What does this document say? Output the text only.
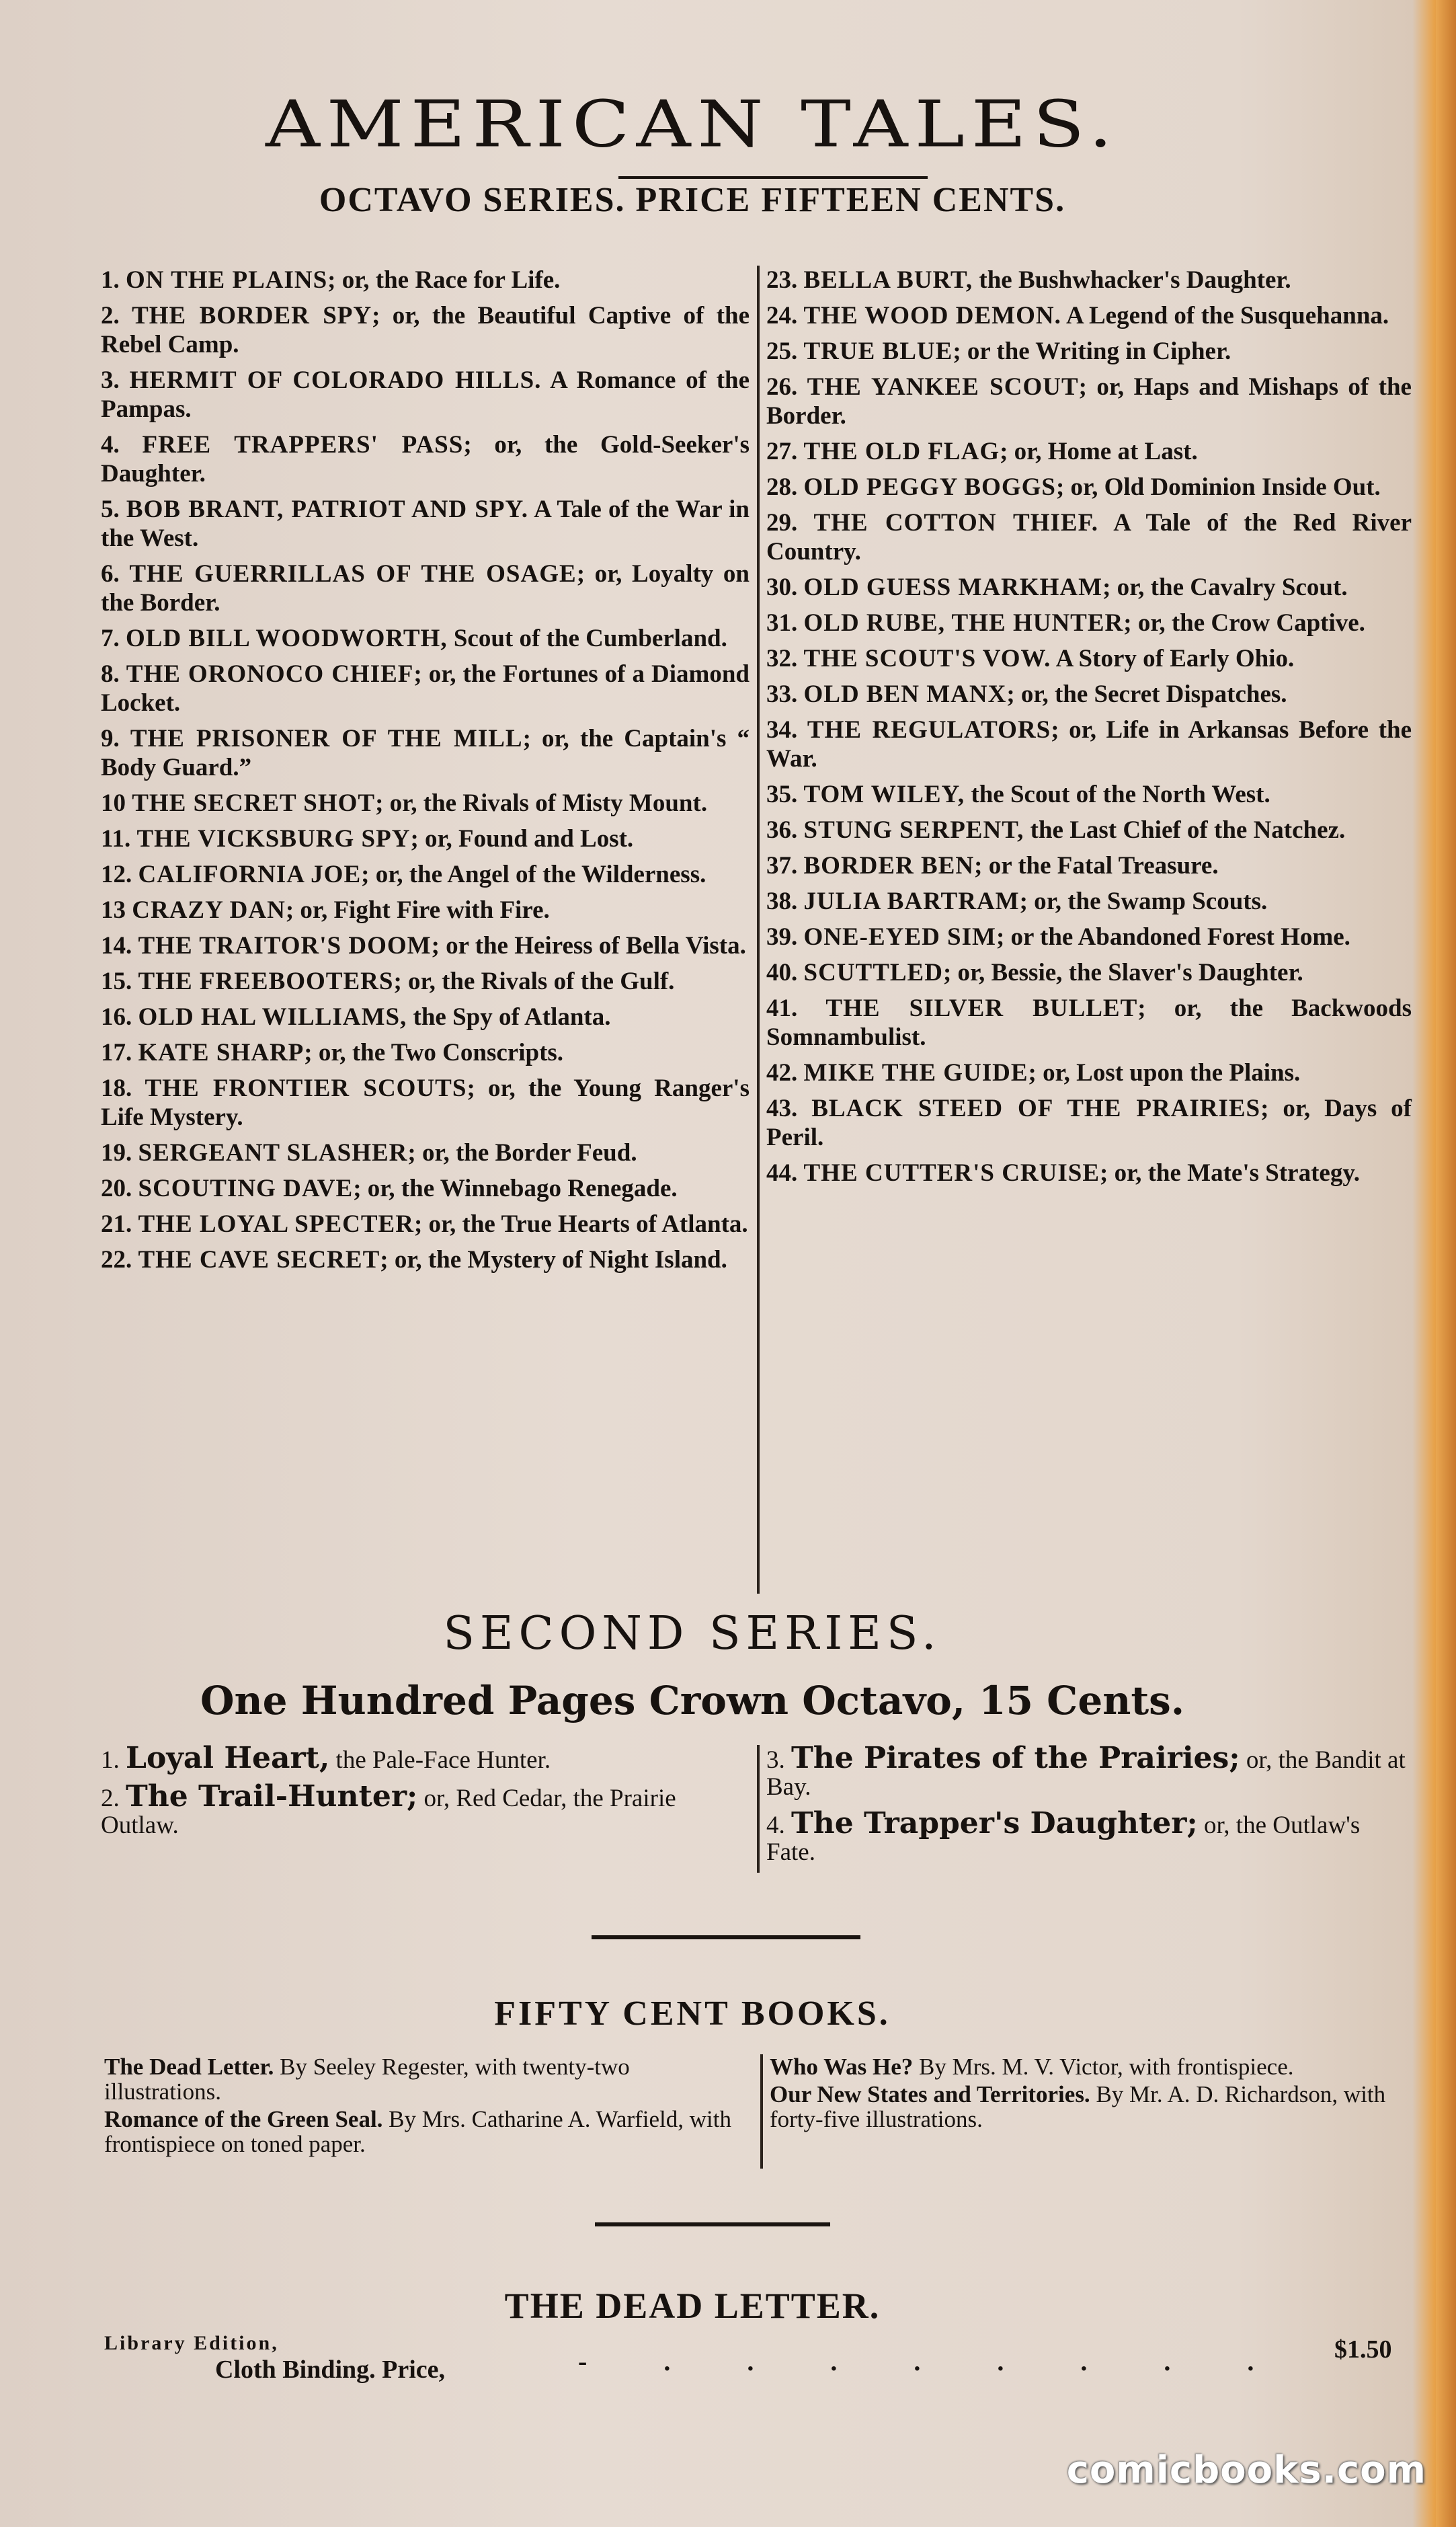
AMERICAN TALES.
OCTAVO SERIES. PRICE FIFTEEN CENTS.
1. ON THE PLAINS; or, the Race for Life.
2. THE BORDER SPY; or, the Beautiful Captive of the Rebel Camp.
3. HERMIT OF COLORADO HILLS. A Romance of the Pampas.
4. FREE TRAPPERS' PASS; or, the Gold-Seeker's Daughter.
5. BOB BRANT, PATRIOT AND SPY. A Tale of the War in the West.
6. THE GUERRILLAS OF THE OSAGE; or, Loyalty on the Border.
7. OLD BILL WOODWORTH, Scout of the Cumberland.
8. THE ORONOCO CHIEF; or, the Fortunes of a Diamond Locket.
9. THE PRISONER OF THE MILL; or, the Captain's “ Body Guard.”
10 THE SECRET SHOT; or, the Rivals of Misty Mount.
11. THE VICKSBURG SPY; or, Found and Lost.
12. CALIFORNIA JOE; or, the Angel of the Wilderness.
13 CRAZY DAN; or, Fight Fire with Fire.
14. THE TRAITOR'S DOOM; or the Heiress of Bella Vista.
15. THE FREEBOOTERS; or, the Rivals of the Gulf.
16. OLD HAL WILLIAMS, the Spy of Atlanta.
17. KATE SHARP; or, the Two Conscripts.
18. THE FRONTIER SCOUTS; or, the Young Ranger's Life Mystery.
19. SERGEANT SLASHER; or, the Border Feud.
20. SCOUTING DAVE; or, the Winnebago Renegade.
21. THE LOYAL SPECTER; or, the True Hearts of Atlanta.
22. THE CAVE SECRET; or, the Mystery of Night Island.
23. BELLA BURT, the Bushwhacker's Daughter.
24. THE WOOD DEMON. A Legend of the Susquehanna.
25. TRUE BLUE; or the Writing in Cipher.
26. THE YANKEE SCOUT; or, Haps and Mishaps of the Border.
27. THE OLD FLAG; or, Home at Last.
28. OLD PEGGY BOGGS; or, Old Dominion Inside Out.
29. THE COTTON THIEF. A Tale of the Red River Country.
30. OLD GUESS MARKHAM; or, the Cavalry Scout.
31. OLD RUBE, THE HUNTER; or, the Crow Captive.
32. THE SCOUT'S VOW. A Story of Early Ohio.
33. OLD BEN MANX; or, the Secret Dispatches.
34. THE REGULATORS; or, Life in Arkansas Before the War.
35. TOM WILEY, the Scout of the North West.
36. STUNG SERPENT, the Last Chief of the Natchez.
37. BORDER BEN; or the Fatal Treasure.
38. JULIA BARTRAM; or, the Swamp Scouts.
39. ONE-EYED SIM; or the Abandoned Forest Home.
40. SCUTTLED; or, Bessie, the Slaver's Daughter.
41. THE SILVER BULLET; or, the Backwoods Somnambulist.
42. MIKE THE GUIDE; or, Lost upon the Plains.
43. BLACK STEED OF THE PRAIRIES; or, Days of Peril.
44. THE CUTTER'S CRUISE; or, the Mate's Strategy.
SECOND SERIES.
One Hundred Pages Crown Octavo, 15 Cents.
1. Loyal Heart, the Pale-Face Hunter.
2. The Trail-Hunter; or, Red Cedar, the Prairie Outlaw.
3. The Pirates of the Prairies; or, the Bandit at Bay.
4. The Trapper's Daughter; or, the Outlaw's Fate.
FIFTY CENT BOOKS.
The Dead Letter. By Seeley Regester, with twenty-two illustrations.
Romance of the Green Seal. By Mrs. Catharine A. Warfield, with frontispiece on toned paper.
Who Was He? By Mrs. M. V. Victor, with frontispiece.
Our New States and Territories. By Mr. A. D. Richardson, with forty-five illustrations.
THE DEAD LETTER.
Library Edition,
Cloth Binding. Price,	- . . . . . . . .	$1.50
comicbooks.com
